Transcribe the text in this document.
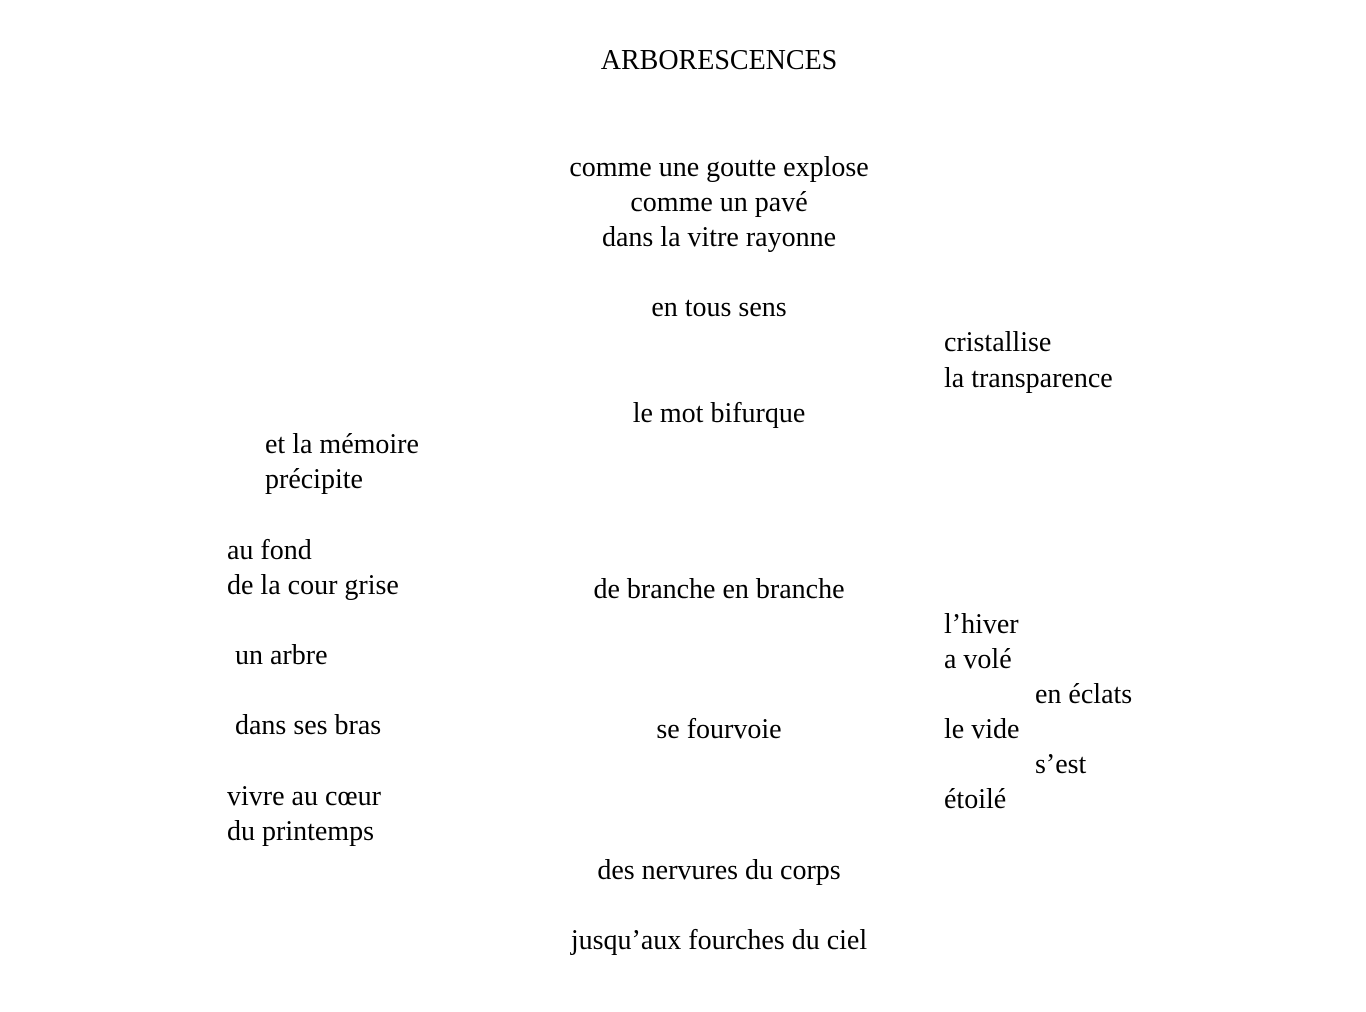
ARBORESCENCES
comme une goutte explose
comme un pavé
dans la vitre rayonne
en tous sens
le mot bifurque
de branche en branche
se fourvoie
des nervures du corps
jusqu’aux fourches du ciel
et la mémoire
précipite
au fond
de la cour grise
un arbre
dans ses bras
vivre au cœur
du printemps
cristallise
la transparence
l’hiver
a volé
en éclats
le vide
s’est
étoilé
